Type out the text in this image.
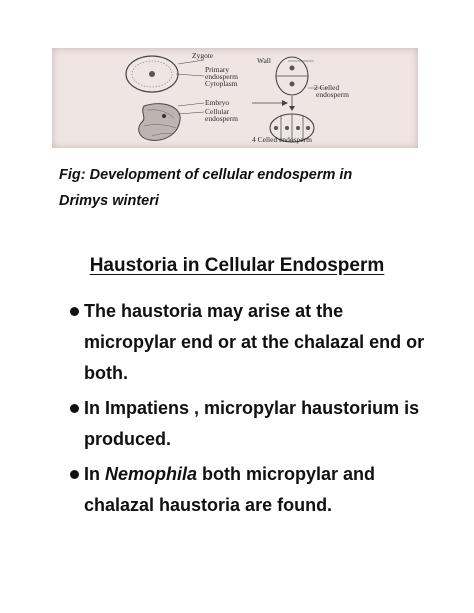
Zygote
Wall
Primary
endosperm
Cytoplasm
Embryo
Cellular
endosperm
2 Celled
endosperm
4 Celled endosperm
Fig: Development of cellular endosperm in
Drimys winteri
Haustoria in Cellular Endosperm
The haustoria may arise at the micropylar end or at the chalazal end or both.
In Impatiens , micropylar haustorium is produced.
In Nemophila both micropylar and chalazal haustoria are found.
